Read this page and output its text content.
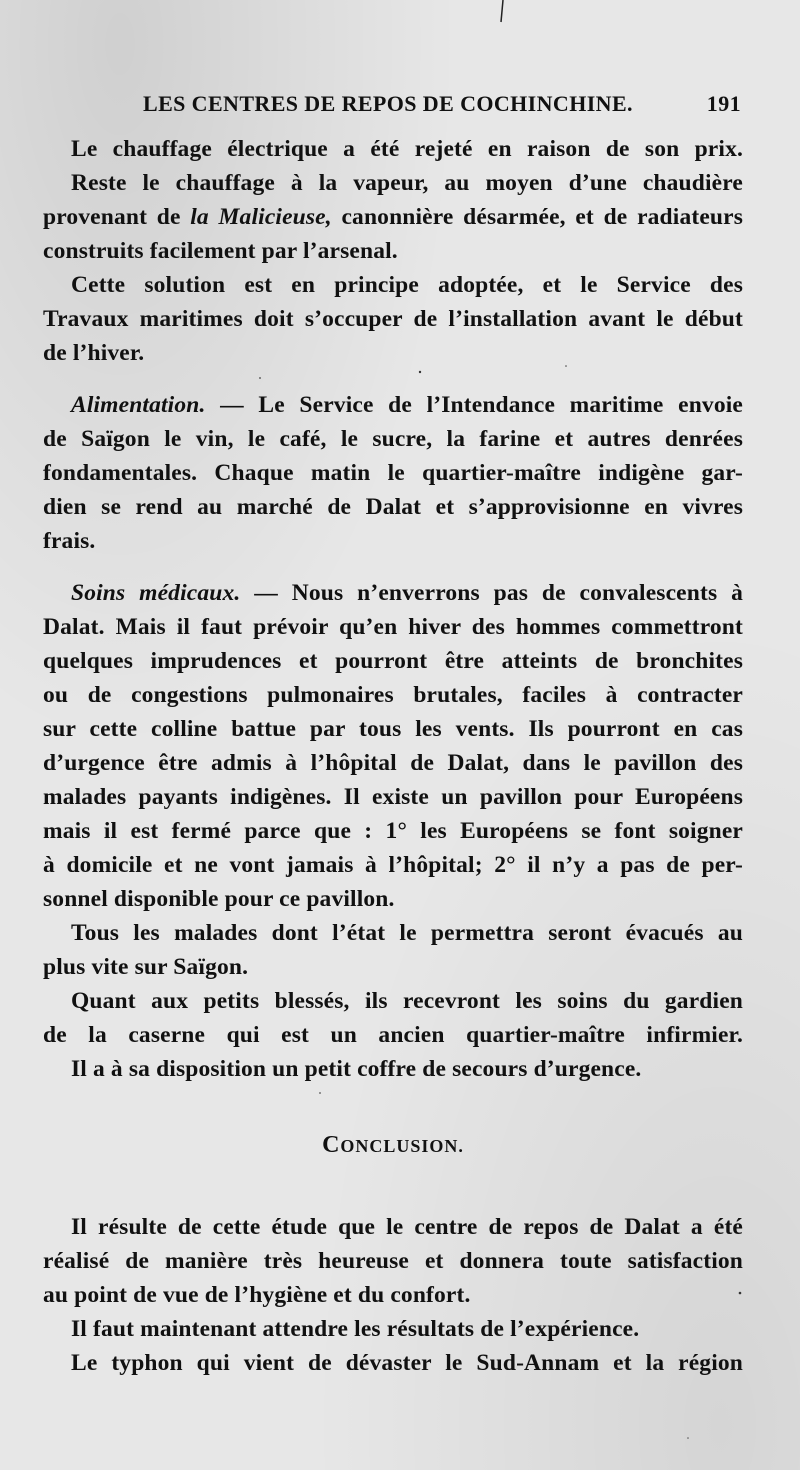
LES CENTRES DE REPOS DE COCHINCHINE.	191
Le chauffage électrique a été rejeté en raison de son prix.
Reste le chauffage à la vapeur, au moyen d’une chaudière
provenant de la Malicieuse, canonnière désarmée, et de radiateurs
construits facilement par l’arsenal.
Cette solution est en principe adoptée, et le Service des
Travaux maritimes doit s’occuper de l’installation avant le début
de l’hiver.
Alimentation. — Le Service de l’Intendance maritime envoie
de Saïgon le vin, le café, le sucre, la farine et autres denrées
fondamentales. Chaque matin le quartier-maître indigène gar-
dien se rend au marché de Dalat et s’approvisionne en vivres
frais.
Soins médicaux. — Nous n’enverrons pas de convalescents à
Dalat. Mais il faut prévoir qu’en hiver des hommes commettront
quelques imprudences et pourront être atteints de bronchites
ou de congestions pulmonaires brutales, faciles à contracter
sur cette colline battue par tous les vents. Ils pourront en cas
d’urgence être admis à l’hôpital de Dalat, dans le pavillon des
malades payants indigènes. Il existe un pavillon pour Européens
mais il est fermé parce que : 1° les Européens se font soigner
à domicile et ne vont jamais à l’hôpital; 2° il n’y a pas de per-
sonnel disponible pour ce pavillon.
Tous les malades dont l’état le permettra seront évacués au
plus vite sur Saïgon.
Quant aux petits blessés, ils recevront les soins du gardien
de la caserne qui est un ancien quartier-maître infirmier.
Il a à sa disposition un petit coffre de secours d’urgence.
CONCLUSION.
Il résulte de cette étude que le centre de repos de Dalat a été
réalisé de manière très heureuse et donnera toute satisfaction
au point de vue de l’hygiène et du confort.
Il faut maintenant attendre les résultats de l’expérience.
Le typhon qui vient de dévaster le Sud-Annam et la région
